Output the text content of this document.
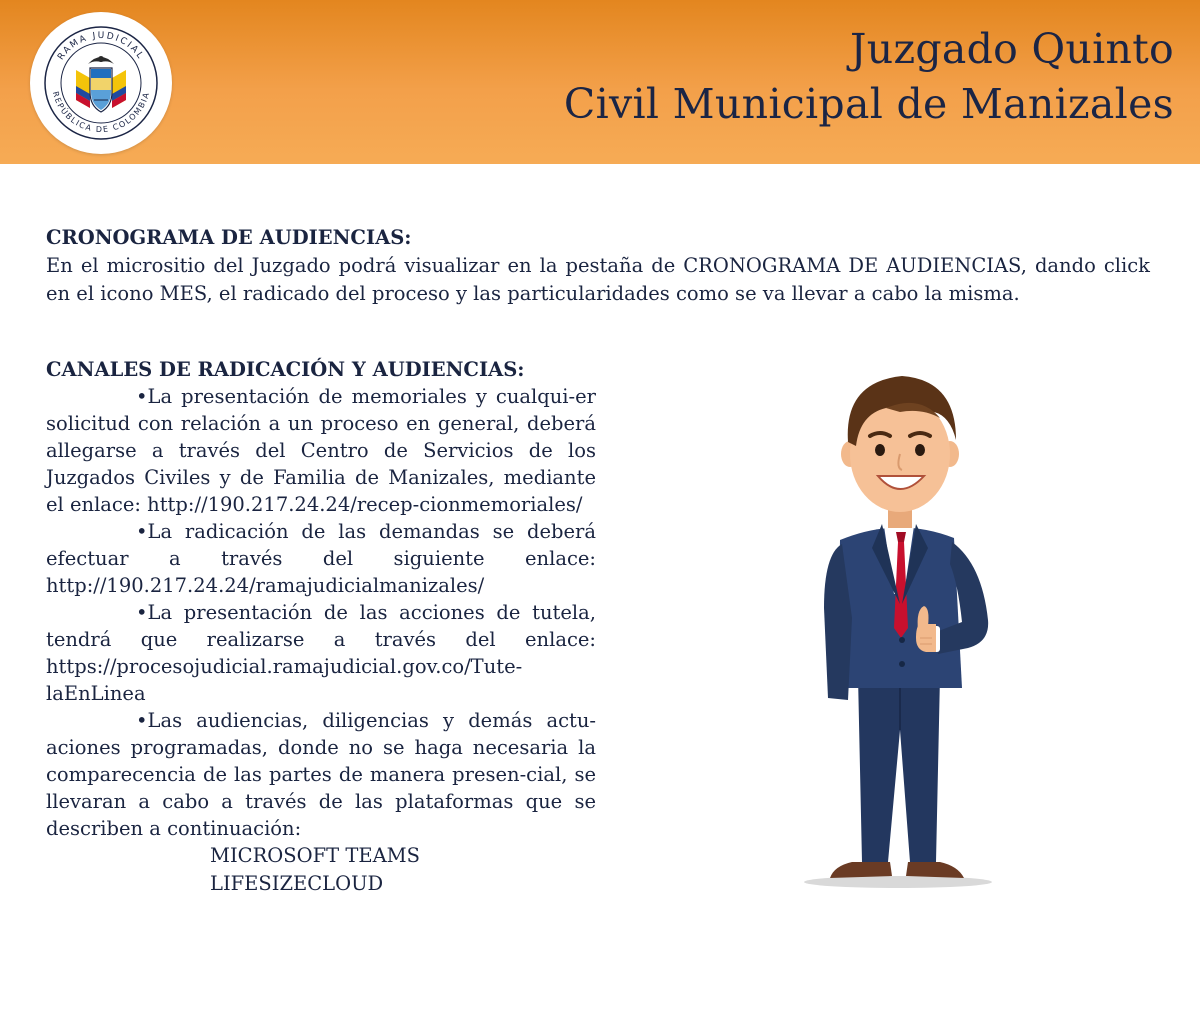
RAMA JUDICIAL
REPÚBLICA DE COLOMBIA
Juzgado Quinto
Civil Municipal de Manizales
CRONOGRAMA DE AUDIENCIAS:
En el micrositio del Juzgado podrá visualizar en la pestaña de CRONOGRAMA DE AUDIENCIAS, dando click en el icono MES, el radicado del proceso y las particularidades como se va llevar a cabo la misma.
CANALES DE RADICACIÓN Y AUDIENCIAS:

•La presentación de memoriales y cualqui-er solicitud con relación a un proceso en general, deberá allegarse a través del Centro de Servicios de los Juzgados Civiles y de Familia de Manizales, mediante el enlace: http://190.217.24.24/recep-cionmemoriales/

•La radicación de las demandas se deberá efectuar a través del siguiente enlace: http://190.217.24.24/ramajudicialmanizales/

•La presentación de las acciones de tutela, tendrá que realizarse a través del enlace: https://procesojudicial.ramajudicial.gov.co/Tute-laEnLinea

•Las audiencias, diligencias y demás actu-aciones programadas, donde no se haga necesaria la comparecencia de las partes de manera presen-cial, se llevaran a cabo a través de las plataformas que se describen a continuación:

MICROSOFT TEAMS
LIFESIZECLOUD
